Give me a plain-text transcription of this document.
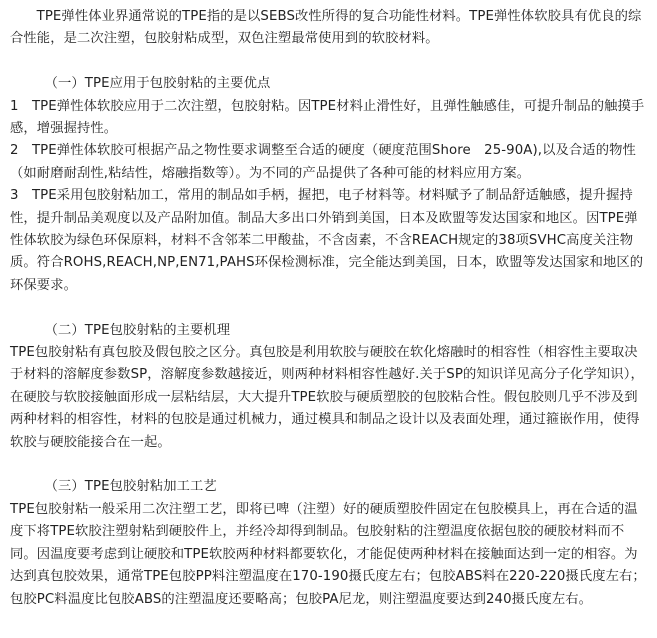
TPE弹性体业界通常说的TPE指的是以SEBS改性所得的复合功能性材料。TPE弹性体软胶具有优良的综合性能，是二次注塑，包胶射粘成型，双色注塑最常使用到的软胶材料。

（一）TPE应用于包胶射粘的主要优点

1　TPE弹性体软胶应用于二次注塑，包胶射粘。因TPE材料止滑性好，且弹性触感佳，可提升制品的触摸手感，增强握持性。

2　TPE弹性体软胶可根据产品之物性要求调整至合适的硬度（硬度范围Shore　25-90A),以及合适的物性（如耐磨耐刮性,粘结性，熔融指数等）。为不同的产品提供了各种可能的材料应用方案。

3　TPE采用包胶射粘加工，常用的制品如手柄，握把，电子材料等。材料赋予了制品舒适触感，提升握持性，提升制品美观度以及产品附加值。制品大多出口外销到美国，日本及欧盟等发达国家和地区。因TPE弹性体软胶为绿色环保原料，材料不含邻苯二甲酸盐，不含卤素，不含REACH规定的38项SVHC高度关注物质。符合ROHS,REACH,NP,EN71,PAHS环保检测标准，完全能达到美国，日本，欧盟等发达国家和地区的环保要求。

（二）TPE包胶射粘的主要机理

TPE包胶射粘有真包胶及假包胶之区分。真包胶是利用软胶与硬胶在软化熔融时的相容性（相容性主要取决于材料的溶解度参数SP，溶解度参数越接近，则两种材料相容性越好.关于SP的知识详见高分子化学知识），在硬胶与软胶接触面形成一层粘结层，大大提升TPE软胶与硬质塑胶的包胶粘合性。假包胶则几乎不涉及到两种材料的相容性，材料的包胶是通过机械力，通过模具和制品之设计以及表面处理，通过箍嵌作用，使得软胶与硬胶能接合在一起。

（三）TPE包胶射粘加工工艺

TPE包胶射粘一般采用二次注塑工艺，即将已啤（注塑）好的硬质塑胶件固定在包胶模具上，再在合适的温度下将TPE软胶注塑射粘到硬胶件上，并经冷却得到制品。包胶射粘的注塑温度依据包胶的硬胶材料而不同。因温度要考虑到让硬胶和TPE软胶两种材料都要软化，才能促使两种材料在接触面达到一定的相容。为达到真包胶效果，通常TPE包胶PP料注塑温度在170-190摄氏度左右；包胶ABS料在220-220摄氏度左右；包胶PC料温度比包胶ABS的注塑温度还要略高；包胶PA尼龙，则注塑温度要达到240摄氏度左右。
